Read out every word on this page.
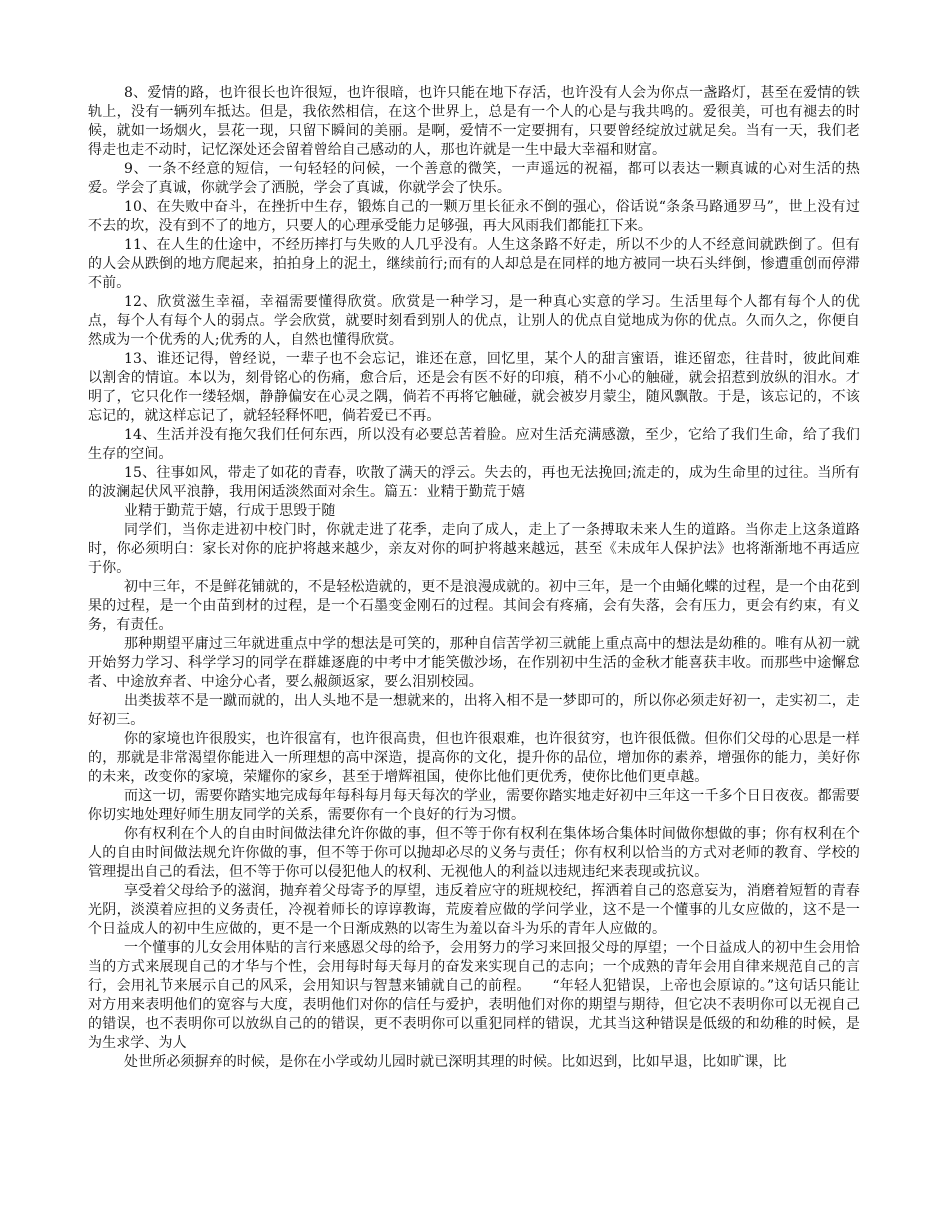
8、爱情的路，也许很长也许很短，也许很暗，也许只能在地下存活，也许没有人会为你点一盏路灯，甚至在爱情的铁轨上，没有一辆列车抵达。但是，我依然相信，在这个世界上，总是有一个人的心是与我共鸣的。爱很美，可也有褪去的时候，就如一场烟火，昙花一现，只留下瞬间的美丽。是啊，爱情不一定要拥有，只要曾经绽放过就足矣。当有一天，我们老得走也走不动时，记忆深处还会留着曾给自己感动的人，那也许就是一生中最大幸福和财富。

9、一条不经意的短信，一句轻轻的问候，一个善意的微笑，一声遥远的祝福，都可以表达一颗真诚的心对生活的热爱。学会了真诚，你就学会了洒脱，学会了真诚，你就学会了快乐。

10、在失败中奋斗，在挫折中生存，锻炼自己的一颗万里长征永不倒的强心，俗话说“条条马路通罗马”，世上没有过不去的坎，没有到不了的地方，只要人的心理承受能力足够强，再大风雨我们都能扛下来。

11、在人生的仕途中，不经历摔打与失败的人几乎没有。人生这条路不好走，所以不少的人不经意间就跌倒了。但有的人会从跌倒的地方爬起来，拍拍身上的泥土，继续前行;而有的人却总是在同样的地方被同一块石头绊倒，惨遭重创而停滞不前。

12、欣赏滋生幸福，幸福需要懂得欣赏。欣赏是一种学习，是一种真心实意的学习。生活里每个人都有每个人的优点，每个人有每个人的弱点。学会欣赏，就要时刻看到别人的优点，让别人的优点自觉地成为你的优点。久而久之，你便自然成为一个优秀的人;优秀的人，自然也懂得欣赏。

13、谁还记得，曾经说，一辈子也不会忘记，谁还在意，回忆里，某个人的甜言蜜语，谁还留恋，往昔时，彼此间难以割舍的情谊。本以为，刻骨铭心的伤痛，愈合后，还是会有医不好的印痕，稍不小心的触碰，就会招惹到放纵的泪水。才明了，它只化作一缕轻烟，静静偏安在心灵之隅，倘若不再将它触碰，就会被岁月蒙尘，随风飘散。于是，该忘记的，不该忘记的，就这样忘记了，就轻轻释怀吧，倘若爱已不再。

14、生活并没有拖欠我们任何东西，所以没有必要总苦着脸。应对生活充满感激，至少，它给了我们生命，给了我们生存的空间。

15、往事如风，带走了如花的青春，吹散了满天的浮云。失去的，再也无法挽回;流走的，成为生命里的过往。当所有的波澜起伏风平浪静，我用闲适淡然面对余生。篇五：业精于勤荒于嬉

业精于勤荒于嬉，行成于思毁于随

同学们，当你走进初中校门时，你就走进了花季，走向了成人，走上了一条搏取未来人生的道路。当你走上这条道路时，你必须明白：家长对你的庇护将越来越少，亲友对你的呵护将越来越远，甚至《未成年人保护法》也将渐渐地不再适应于你。

初中三年，不是鲜花铺就的，不是轻松造就的，更不是浪漫成就的。初中三年，是一个由蛹化蝶的过程，是一个由花到果的过程，是一个由苗到材的过程，是一个石墨变金刚石的过程。其间会有疼痛，会有失落，会有压力，更会有约束，有义务，有责任。

那种期望平庸过三年就进重点中学的想法是可笑的，那种自信苦学初三就能上重点高中的想法是幼稚的。唯有从初一就开始努力学习、科学学习的同学在群雄逐鹿的中考中才能笑傲沙场，在作别初中生活的金秋才能喜获丰收。而那些中途懈怠者、中途放弃者、中途分心者，要么赧颜返家，要么泪别校园。

出类拔萃不是一蹴而就的，出人头地不是一想就来的，出将入相不是一梦即可的，所以你必须走好初一，走实初二，走好初三。

你的家境也许很殷实，也许很富有，也许很高贵，但也许很艰难，也许很贫穷，也许很低微。但你们父母的心思是一样的，那就是非常渴望你能进入一所理想的高中深造，提高你的文化，提升你的品位，增加你的素养，增强你的能力，美好你的未来，改变你的家境，荣耀你的家乡，甚至于增辉祖国，使你比他们更优秀，使你比他们更卓越。

而这一切，需要你踏实地完成每年每科每月每天每次的学业，需要你踏实地走好初中三年这一千多个日日夜夜。都需要你切实地处理好师生朋友同学的关系，需要你有一个良好的行为习惯。

你有权利在个人的自由时间做法律允许你做的事，但不等于你有权利在集体场合集体时间做你想做的事；你有权利在个人的自由时间做法规允许你做的事，但不等于你可以抛却必尽的义务与责任；你有权利以恰当的方式对老师的教育、学校的管理提出自己的看法，但不等于你可以侵犯他人的权利、无视他人的利益以违规违纪来表现或抗议。

享受着父母给予的滋润，抛弃着父母寄予的厚望，违反着应守的班规校纪，挥洒着自己的恣意妄为，消磨着短暂的青春光阴，淡漠着应担的义务责任，冷视着师长的谆谆教诲，荒废着应做的学问学业，这不是一个懂事的儿女应做的，这不是一个日益成人的初中生应做的，更不是一个日渐成熟的以寄生为羞以奋斗为乐的青年人应做的。

一个懂事的儿女会用体贴的言行来感恩父母的给予，会用努力的学习来回报父母的厚望；一个日益成人的初中生会用恰当的方式来展现自己的才华与个性，会用每时每天每月的奋发来实现自己的志向；一个成熟的青年会用自律来规范自己的言行，会用礼节来展示自己的风采，会用知识与智慧来铺就自己的前程。　　“年轻人犯错误，上帝也会原谅的。”这句话只能让对方用来表明他们的宽容与大度，表明他们对你的信任与爱护，表明他们对你的期望与期待，但它决不表明你可以无视自己的错误，也不表明你可以放纵自己的的错误，更不表明你可以重犯同样的错误，尤其当这种错误是低级的和幼稚的时候，是为生求学、为人

处世所必须摒弃的时候，是你在小学或幼儿园时就已深明其理的时候。比如迟到，比如早退，比如旷课，比
